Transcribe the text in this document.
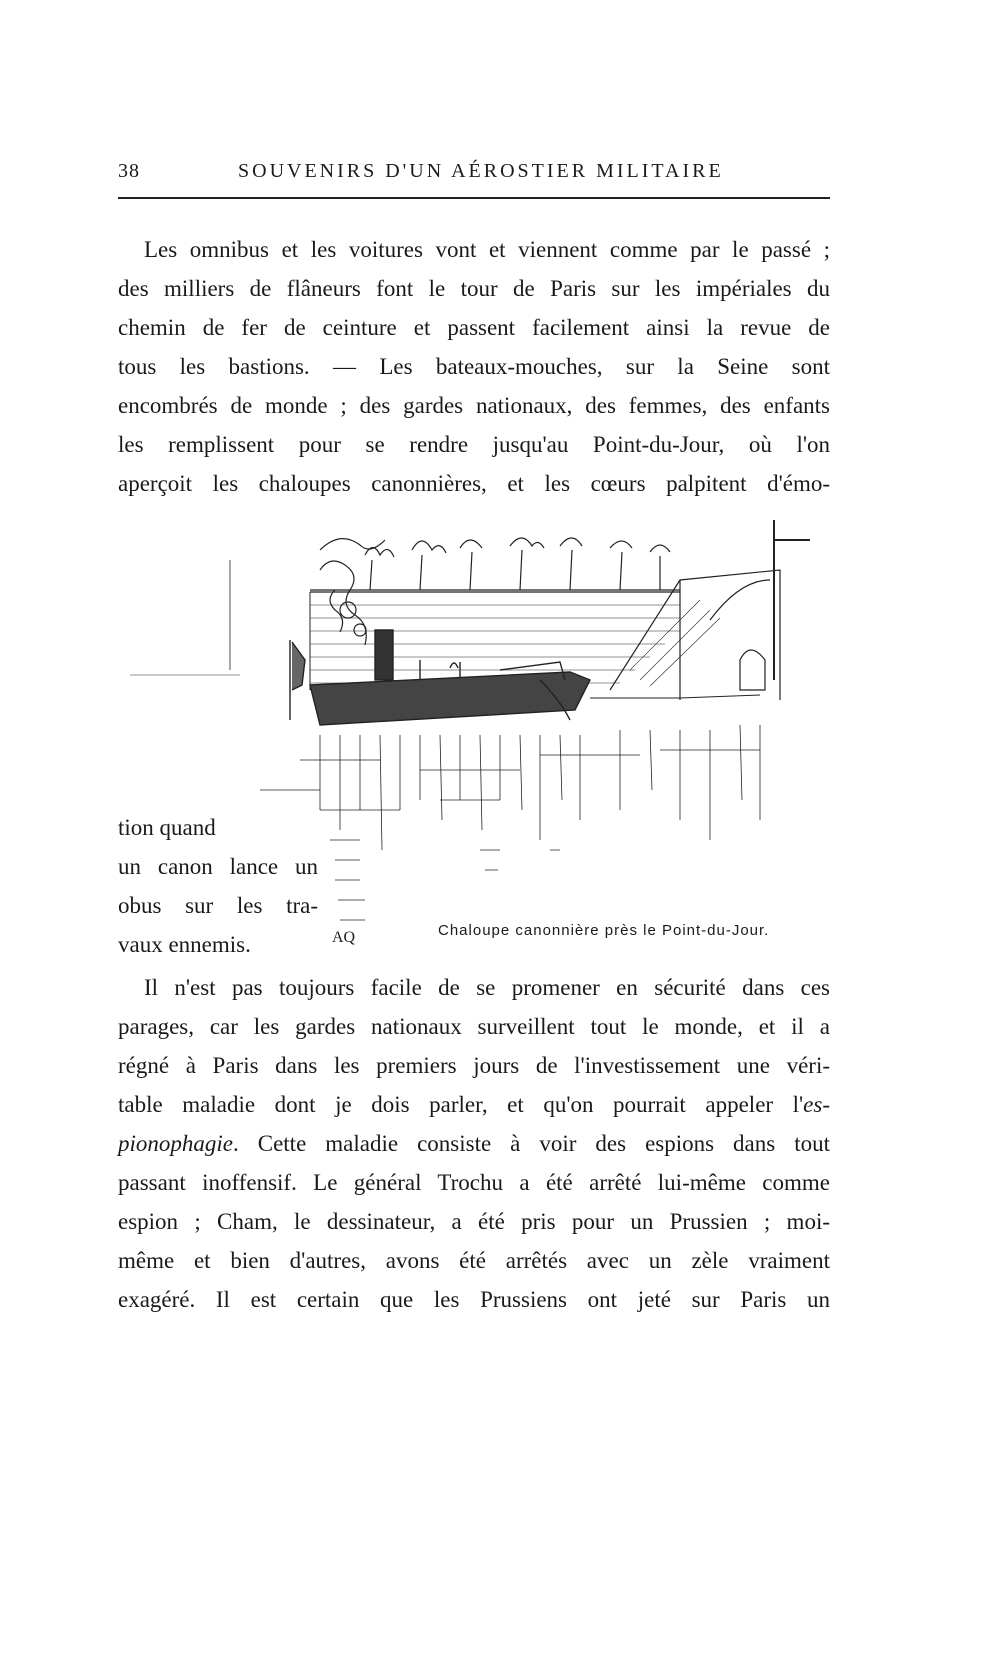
38	SOUVENIRS D'UN AÉROSTIER MILITAIRE
Les omnibus et les voitures vont et viennent comme par le passé ;
des milliers de flâneurs font le tour de Paris sur les impériales du
chemin de fer de ceinture et passent facilement ainsi la revue de
tous les bastions. — Les bateaux-mouches, sur la Seine sont
encombrés de monde ; des gardes nationaux, des femmes, des enfants
les remplissent pour se rendre jusqu'au Point-du-Jour, où l'on
aperçoit les chaloupes canonnières, et les cœurs palpitent d'émo-
tion quand
un canon lance un
obus sur les tra-
vaux ennemis.	AQ	Chaloupe canonnière près le Point-du-Jour.
Il n'est pas toujours facile de se promener en sécurité dans ces
parages, car les gardes nationaux surveillent tout le monde, et il a
régné à Paris dans les premiers jours de l'investissement une véri-
table maladie dont je dois parler, et qu'on pourrait appeler l'es-
pionophagie. Cette maladie consiste à voir des espions dans tout
passant inoffensif. Le général Trochu a été arrêté lui-même comme
espion ; Cham, le dessinateur, a été pris pour un Prussien ; moi-
même et bien d'autres, avons été arrêtés avec un zèle vraiment
exagéré. Il est certain que les Prussiens ont jeté sur Paris un
